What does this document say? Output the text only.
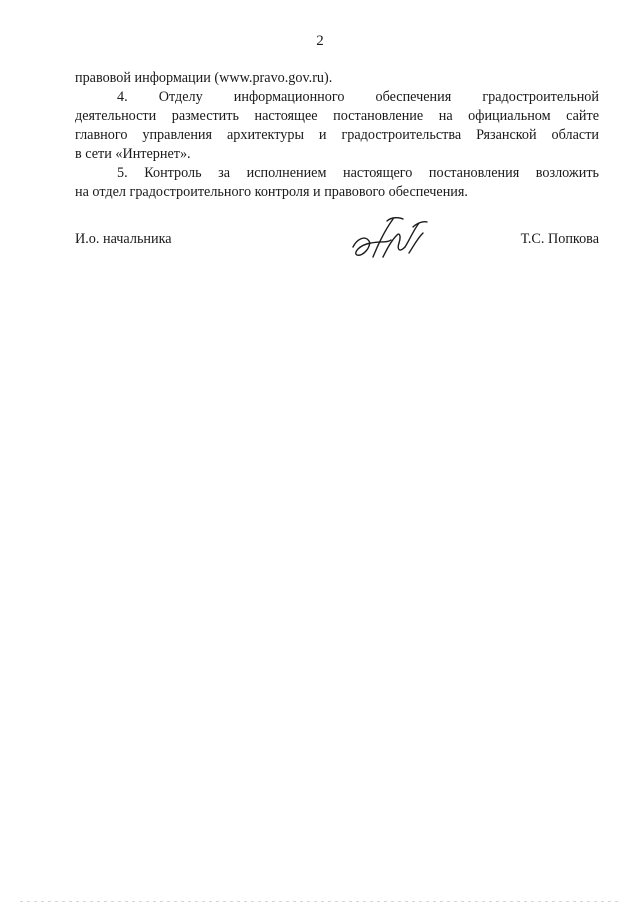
2
правовой информации (www.pravo.gov.ru).
4. Отделу информационного обеспечения градостроительной
деятельности разместить настоящее постановление на официальном сайте
главного управления архитектуры и градостроительства Рязанской области
в сети «Интернет».
5. Контроль за исполнением настоящего постановления возложить
на отдел градостроительного контроля и правового обеспечения.
И.о. начальника	Т.С. Попкова
